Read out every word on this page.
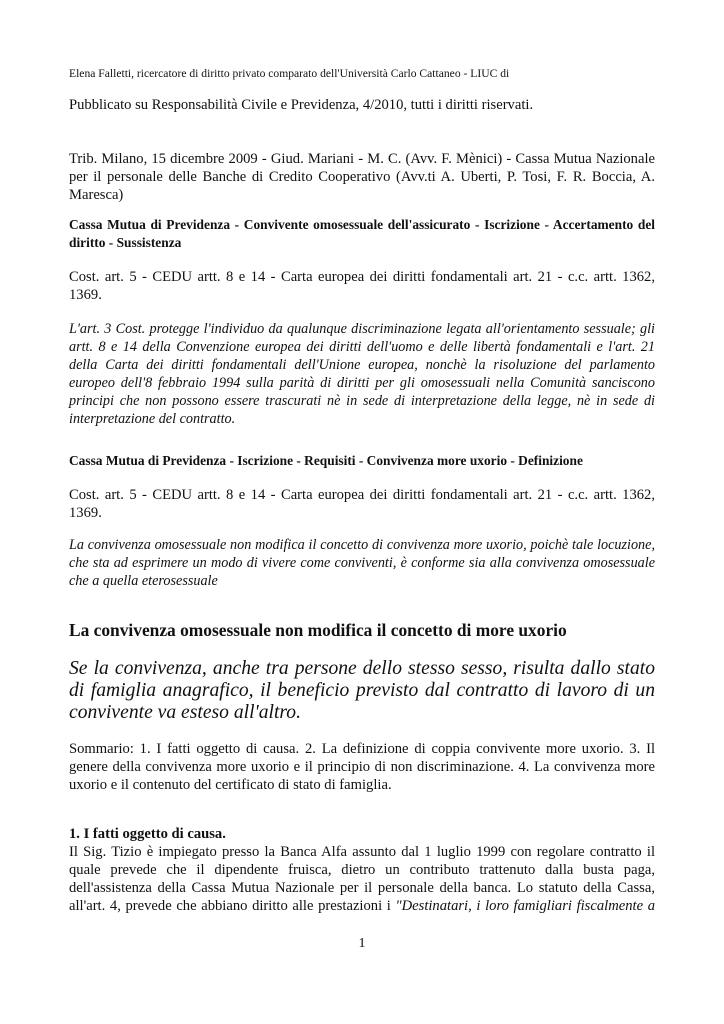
Elena Falletti, ricercatore di diritto privato comparato dell'Università Carlo Cattaneo - LIUC di
Pubblicato su Responsabilità Civile e Previdenza, 4/2010, tutti i diritti riservati.

Trib. Milano, 15 dicembre 2009 - Giud. Mariani - M. C. (Avv. F. Mènici) - Cassa Mutua Nazionale per il personale delle Banche di Credito Cooperativo (Avv.ti A. Uberti, P. Tosi, F. R. Boccia, A. Maresca)

Cassa Mutua di Previdenza - Convivente omosessuale dell'assicurato - Iscrizione - Accertamento del diritto - Sussistenza

Cost. art. 5 - CEDU artt. 8 e 14 - Carta europea dei diritti fondamentali art. 21 - c.c. artt. 1362, 1369.

L'art. 3 Cost. protegge l'individuo da qualunque discriminazione legata all'orientamento sessuale; gli artt. 8 e 14 della Convenzione europea dei diritti dell'uomo e delle libertà fondamentali e l'art. 21 della Carta dei diritti fondamentali dell'Unione europea, nonchè la risoluzione del parlamento europeo dell'8 febbraio 1994 sulla parità di diritti per gli omosessuali nella Comunità sanciscono principi che non possono essere trascurati nè in sede di interpretazione della legge, nè in sede di interpretazione del contratto.

Cassa Mutua di Previdenza - Iscrizione - Requisiti - Convivenza more uxorio - Definizione

Cost. art. 5 - CEDU artt. 8 e 14 - Carta europea dei diritti fondamentali art. 21 - c.c. artt. 1362, 1369.

La convivenza omosessuale non modifica il concetto di convivenza more uxorio, poichè tale locuzione, che sta ad esprimere un modo di vivere come conviventi, è conforme sia alla convivenza omosessuale che a quella eterosessuale

La convivenza omosessuale non modifica il concetto di more uxorio

Se la convivenza, anche tra persone dello stesso sesso, risulta dallo stato di famiglia anagrafico, il beneficio previsto dal contratto di lavoro di un convivente va esteso all'altro.

Sommario: 1. I fatti oggetto di causa. 2. La definizione di coppia convivente more uxorio. 3. Il genere della convivenza more uxorio e il principio di non discriminazione. 4. La convivenza more uxorio e il contenuto del certificato di stato di famiglia.

1. I fatti oggetto di causa.
Il Sig. Tizio è impiegato presso la Banca Alfa assunto dal 1 luglio 1999 con regolare contratto il quale prevede che il dipendente fruisca, dietro un contributo trattenuto dalla busta paga, dell'assistenza della Cassa Mutua Nazionale per il personale della banca. Lo statuto della Cassa, all'art. 4, prevede che abbiano diritto alle prestazioni i "Destinatari, i loro famigliari fiscalmente a
1
